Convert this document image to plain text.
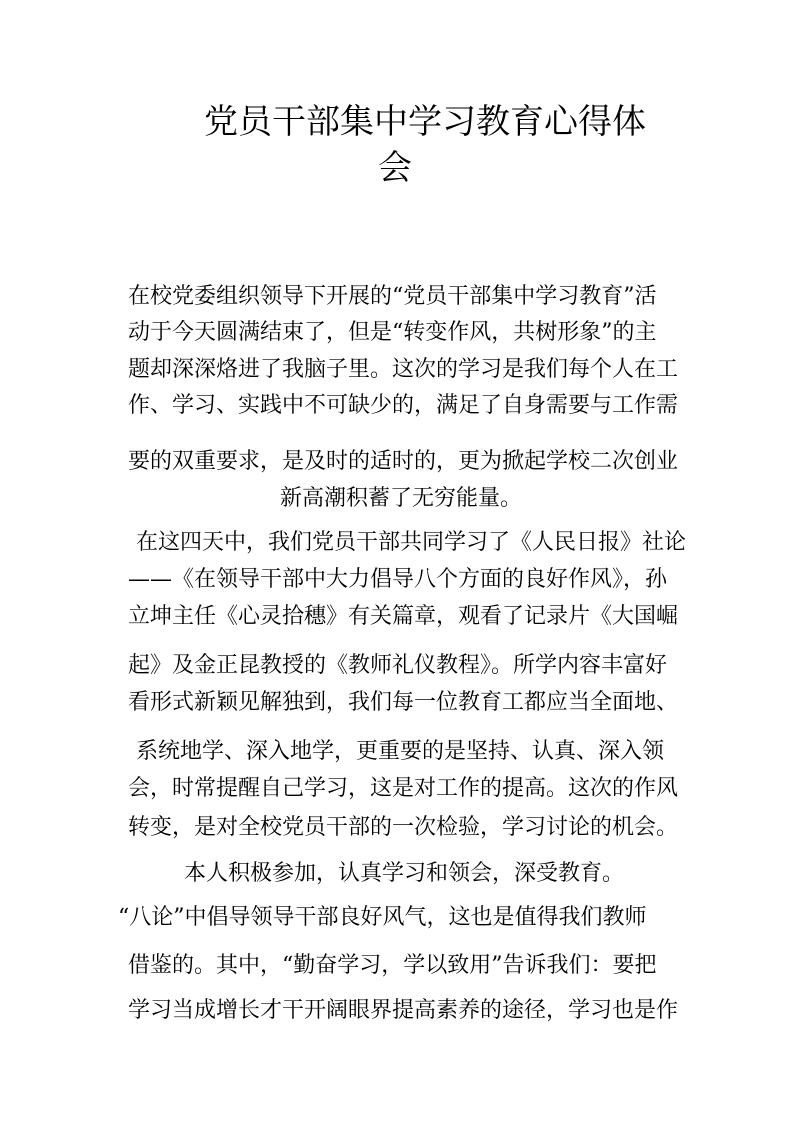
党员干部集中学习教育心得体
会
在校党委组织领导下开展的“党员干部集中学习教育”活
动于今天圆满结束了，但是“转变作风，共树形象”的主
题却深深烙进了我脑子里。这次的学习是我们每个人在工
作、学习、实践中不可缺少的，满足了自身需要与工作需
要的双重要求，是及时的适时的，更为掀起学校二次创业
新高潮积蓄了无穷能量。
在这四天中，我们党员干部共同学习了《人民日报》社论
——《在领导干部中大力倡导八个方面的良好作风》，孙
立坤主任《心灵拾穗》有关篇章，观看了记录片《大国崛
起》及金正昆教授的《教师礼仪教程》。所学内容丰富好
看形式新颖见解独到，我们每一位教育工都应当全面地、
系统地学、深入地学，更重要的是坚持、认真、深入领
会，时常提醒自己学习，这是对工作的提高。这次的作风
转变，是对全校党员干部的一次检验，学习讨论的机会。
本人积极参加，认真学习和领会，深受教育。
“八论”中倡导领导干部良好风气，这也是值得我们教师
借鉴的。其中，“勤奋学习，学以致用”告诉我们：要把
学习当成增长才干开阔眼界提高素养的途径，学习也是作
